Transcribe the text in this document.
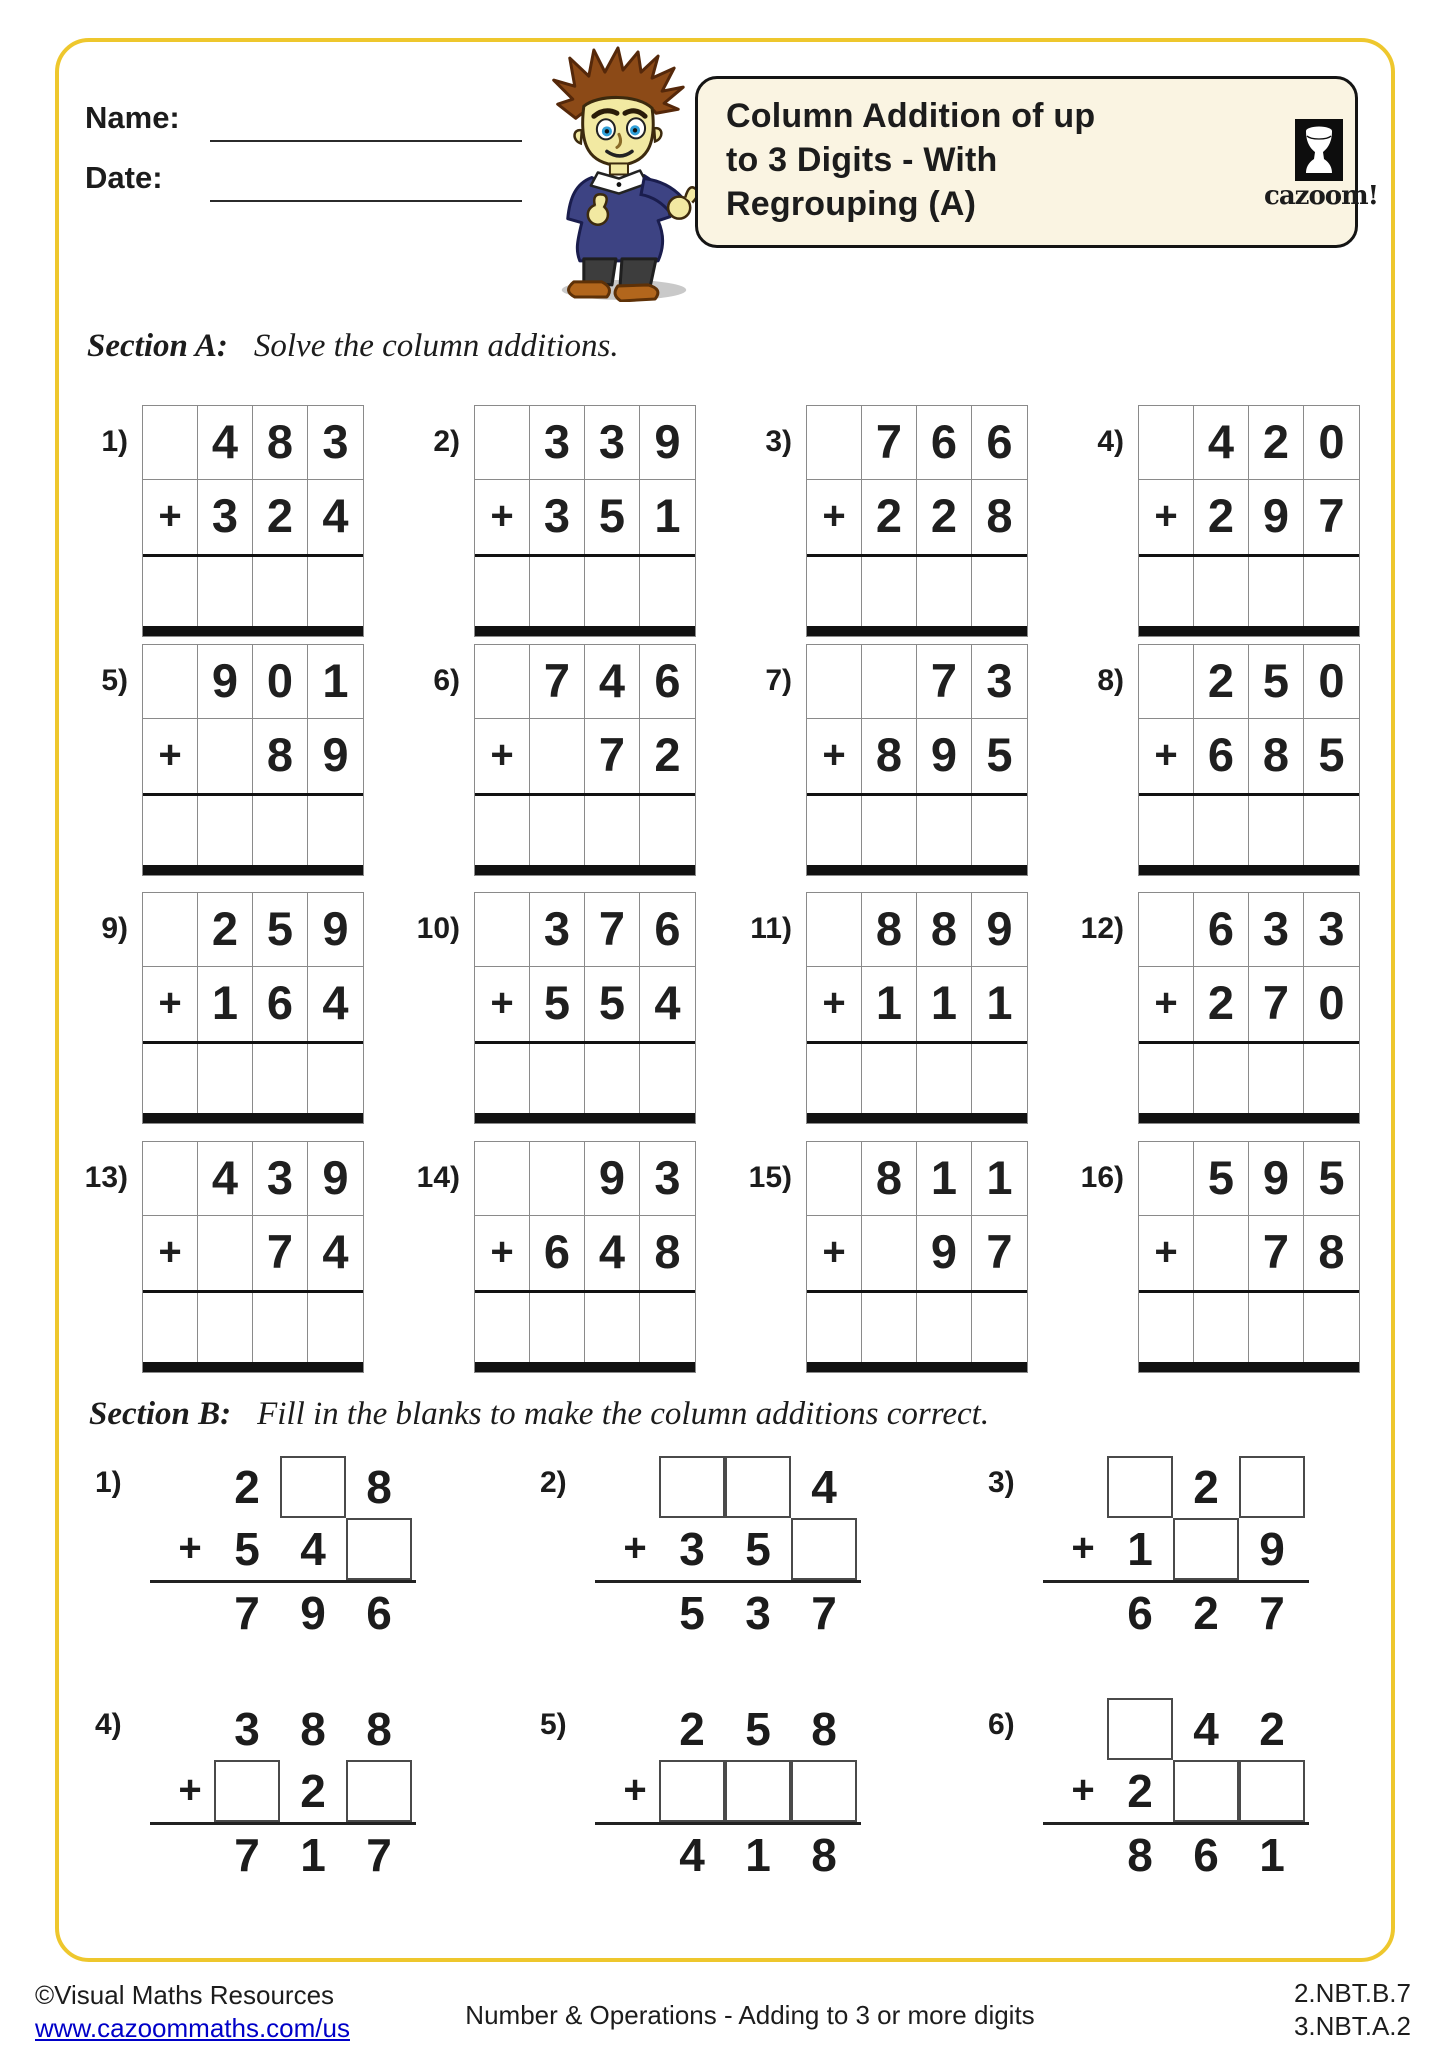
Name:
Date:
Column Addition of up
to 3 Digits - With
Regrouping (A)	cazoom!
Section A: Solve the column additions.
1) 4 8 3
+ 3 2 4
2) 3 3 9
+ 3 5 1
3) 7 6 6
+ 2 2 8
4) 4 2 0
+ 2 9 7
5) 9 0 1
+	8 9
6) 7 4 6
+	7 2
7)	7 3
+ 8 9 5
8) 2 5 0
+ 6 8 5
9) 2 5 9
+ 1 6 4
10) 3 7 6
+ 5 5 4
11) 8 8 9
+ 1 1 1
12) 6 3 3
+ 2 7 0
13) 4 3 9
+	7 4
14)	9 3
+ 6 4 8
15) 8 1 1
+	9 7
16) 5 9 5
+	7 8
Section B: Fill in the blanks to make the column additions correct.
1)	2	8
+ 5 4
7 9 6
2)	4
+ 3 5
5 3 7
3)	2
+ 1	9
6 2 7
4)	3 8 8
+	2
7 1 7
5)	2 5 8
+
4 1 8
6)	4 2
+ 2
8 6 1
©Visual Maths Resources
www.cazoommaths.com/us	Number & Operations - Adding to 3 or more digits
2.NBT.B.7
3.NBT.A.2
